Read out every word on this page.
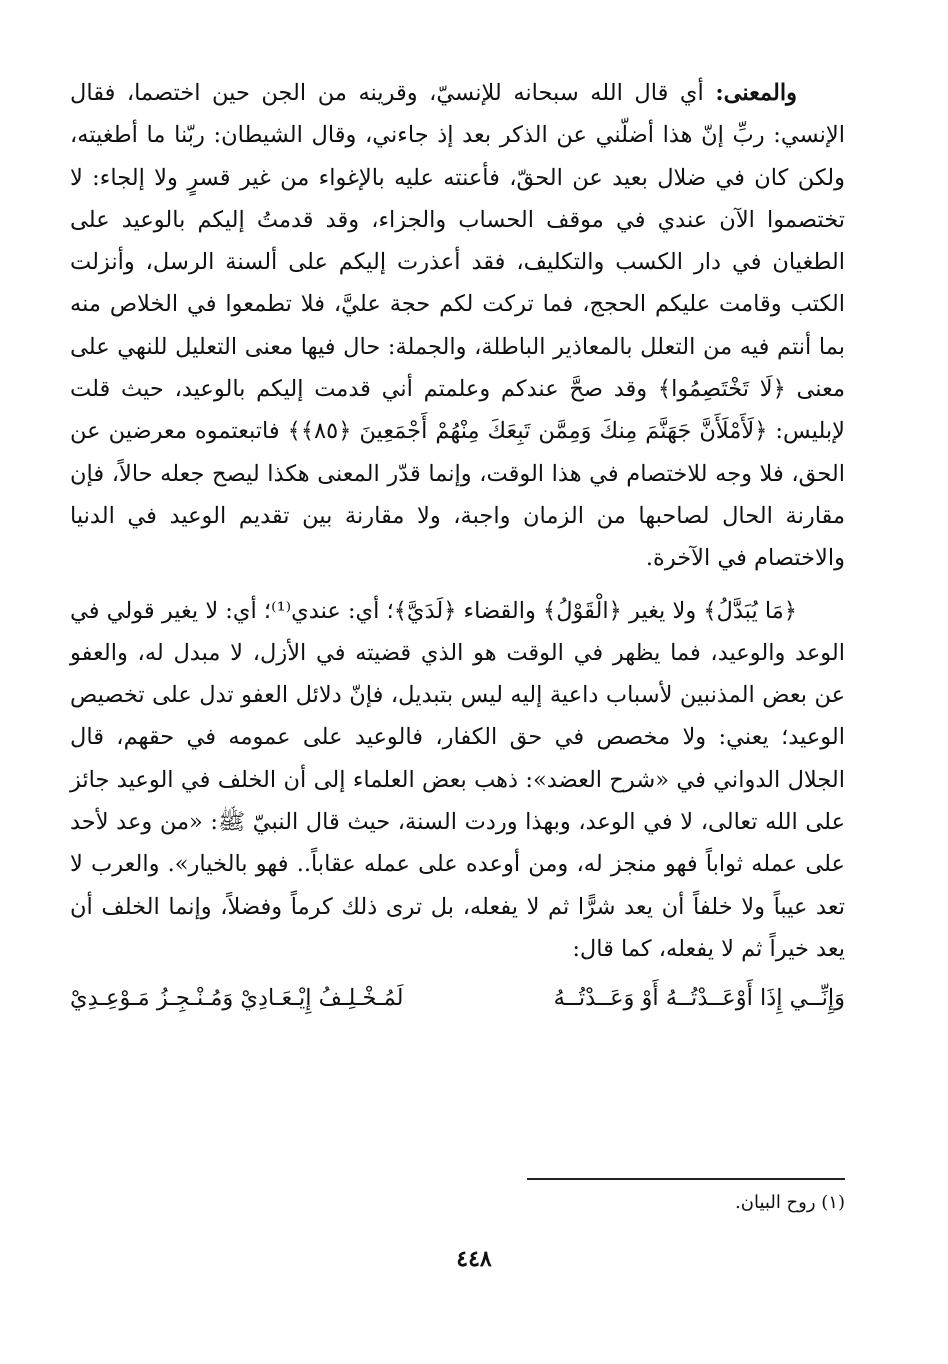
والمعنى: أي قال الله سبحانه للإنسيّ، وقرينه من الجن حين اختصما، فقال الإنسي: ربِّ إنّ هذا أضلّني عن الذكر بعد إذ جاءني، وقال الشيطان: ربّنا ما أطغيته، ولكن كان في ضلال بعيد عن الحقّ، فأعنته عليه بالإغواء من غير قسرٍ ولا إلجاء: لا تختصموا الآن عندي في موقف الحساب والجزاء، وقد قدمتُ إليكم بالوعيد على الطغيان في دار الكسب والتكليف، فقد أعذرت إليكم على ألسنة الرسل، وأنزلت الكتب وقامت عليكم الحجج، فما تركت لكم حجة عليَّ، فلا تطمعوا في الخلاص منه بما أنتم فيه من التعلل بالمعاذير الباطلة، والجملة: حال فيها معنى التعليل للنهي على معنى ﴿لَا تَخْتَصِمُوا﴾ وقد صحَّ عندكم وعلمتم أني قدمت إليكم بالوعيد، حيث قلت لإبليس: ﴿لَأَمْلَأَنَّ جَهَنَّمَ مِنكَ وَمِمَّن تَبِعَكَ مِنْهُمْ أَجْمَعِينَ ﴿٨٥﴾﴾ فاتبعتموه معرضين عن الحق، فلا وجه للاختصام في هذا الوقت، وإنما قدّر المعنى هكذا ليصح جعله حالاً، فإن مقارنة الحال لصاحبها من الزمان واجبة، ولا مقارنة بين تقديم الوعيد في الدنيا والاختصام في الآخرة.

﴿مَا يُبَدَّلُ﴾ ولا يغير ﴿الْقَوْلُ﴾ والقضاء ﴿لَدَيَّ﴾؛ أي: عندي⁽¹⁾؛ أي: لا يغير قولي في الوعد والوعيد، فما يظهر في الوقت هو الذي قضيته في الأزل، لا مبدل له، والعفو عن بعض المذنبين لأسباب داعية إليه ليس بتبديل، فإنّ دلائل العفو تدل على تخصيص الوعيد؛ يعني: ولا مخصص في حق الكفار، فالوعيد على عمومه في حقهم، قال الجلال الدواني في «شرح العضد»: ذهب بعض العلماء إلى أن الخلف في الوعيد جائز على الله تعالى، لا في الوعد، وبهذا وردت السنة، حيث قال النبيّ ﷺ: «من وعد لأحد على عمله ثواباً فهو منجز له، ومن أوعده على عمله عقاباً.. فهو بالخيار». والعرب لا تعد عيباً ولا خلفاً أن يعد شرًّا ثم لا يفعله، بل ترى ذلك كرماً وفضلاً، وإنما الخلف أن يعد خيراً ثم لا يفعله، كما قال:

وَإِنِّــي إِذَا أَوْعَــدْتُــهُ أَوْ وَعَــدْتُــهُ
لَمُـخْـلِـفُ إِيْـعَـادِيْ وَمُـنْـجِـزُ مَـوْعِـدِيْ
(١) روح البيان.
٤٤٨
